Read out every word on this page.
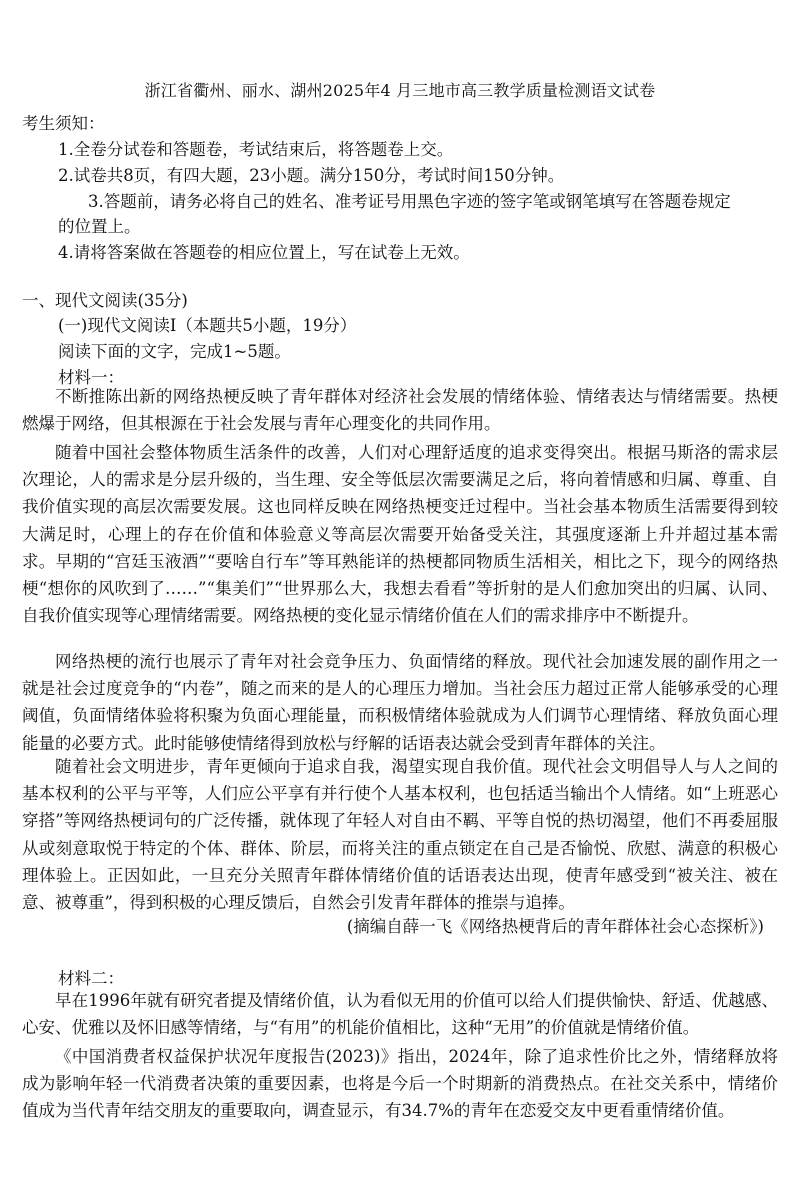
浙江省衢州、丽水、湖州2025年4 月三地市高三教学质量检测语文试卷
考生须知：
1.全卷分试卷和答题卷，考试结束后，将答题卷上交。
2.试卷共8页，有四大题，23小题。满分150分，考试时间150分钟。
3.答题前，请务必将自己的姓名、准考证号用黑色字迹的签字笔或钢笔填写在答题卷规定
的位置上。
4.请将答案做在答题卷的相应位置上，写在试卷上无效。
一、现代文阅读(35分)
(一)现代文阅读Ⅰ（本题共5小题，19分）
阅读下面的文字，完成1~5题。
材料一：
不断推陈出新的网络热梗反映了青年群体对经济社会发展的情绪体验、情绪表达与情绪需要。热梗燃爆于网络，但其根源在于社会发展与青年心理变化的共同作用。
随着中国社会整体物质生活条件的改善，人们对心理舒适度的追求变得突出。根据马斯洛的需求层次理论，人的需求是分层升级的，当生理、安全等低层次需要满足之后，将向着情感和归属、尊重、自我价值实现的高层次需要发展。这也同样反映在网络热梗变迁过程中。当社会基本物质生活需要得到较大满足时，心理上的存在价值和体验意义等高层次需要开始备受关注，其强度逐渐上升并超过基本需求。早期的“宫廷玉液酒”“要啥自行车”等耳熟能详的热梗都同物质生活相关，相比之下，现今的网络热梗“想你的风吹到了……”“集美们”“世界那么大，我想去看看”等折射的是人们愈加突出的归属、认同、自我价值实现等心理情绪需要。网络热梗的变化显示情绪价值在人们的需求排序中不断提升。
网络热梗的流行也展示了青年对社会竞争压力、负面情绪的释放。现代社会加速发展的副作用之一就是社会过度竞争的“内卷”，随之而来的是人的心理压力增加。当社会压力超过正常人能够承受的心理阈值，负面情绪体验将积聚为负面心理能量，而积极情绪体验就成为人们调节心理情绪、释放负面心理能量的必要方式。此时能够使情绪得到放松与纾解的话语表达就会受到青年群体的关注。
随着社会文明进步，青年更倾向于追求自我，渴望实现自我价值。现代社会文明倡导人与人之间的基本权利的公平与平等，人们应公平享有并行使个人基本权利，也包括适当输出个人情绪。如“上班恶心穿搭”等网络热梗词句的广泛传播，就体现了年轻人对自由不羁、平等自悦的热切渴望，他们不再委屈服从或刻意取悦于特定的个体、群体、阶层，而将关注的重点锁定在自己是否愉悦、欣慰、满意的积极心理体验上。正因如此，一旦充分关照青年群体情绪价值的话语表达出现，使青年感受到“被关注、被在意、被尊重”，得到积极的心理反馈后，自然会引发青年群体的推崇与追捧。
(摘编自薛一飞《网络热梗背后的青年群体社会心态探析》)
材料二：
早在1996年就有研究者提及情绪价值，认为看似无用的价值可以给人们提供愉快、舒适、优越感、心安、优雅以及怀旧感等情绪，与“有用”的机能价值相比，这种“无用”的价值就是情绪价值。
《中国消费者权益保护状况年度报告(2023)》指出，2024年，除了追求性价比之外，情绪释放将成为影响年轻一代消费者决策的重要因素，也将是今后一个时期新的消费热点。在社交关系中，情绪价值成为当代青年结交朋友的重要取向，调查显示，有34.7%的青年在恋爱交友中更看重情绪价值。
